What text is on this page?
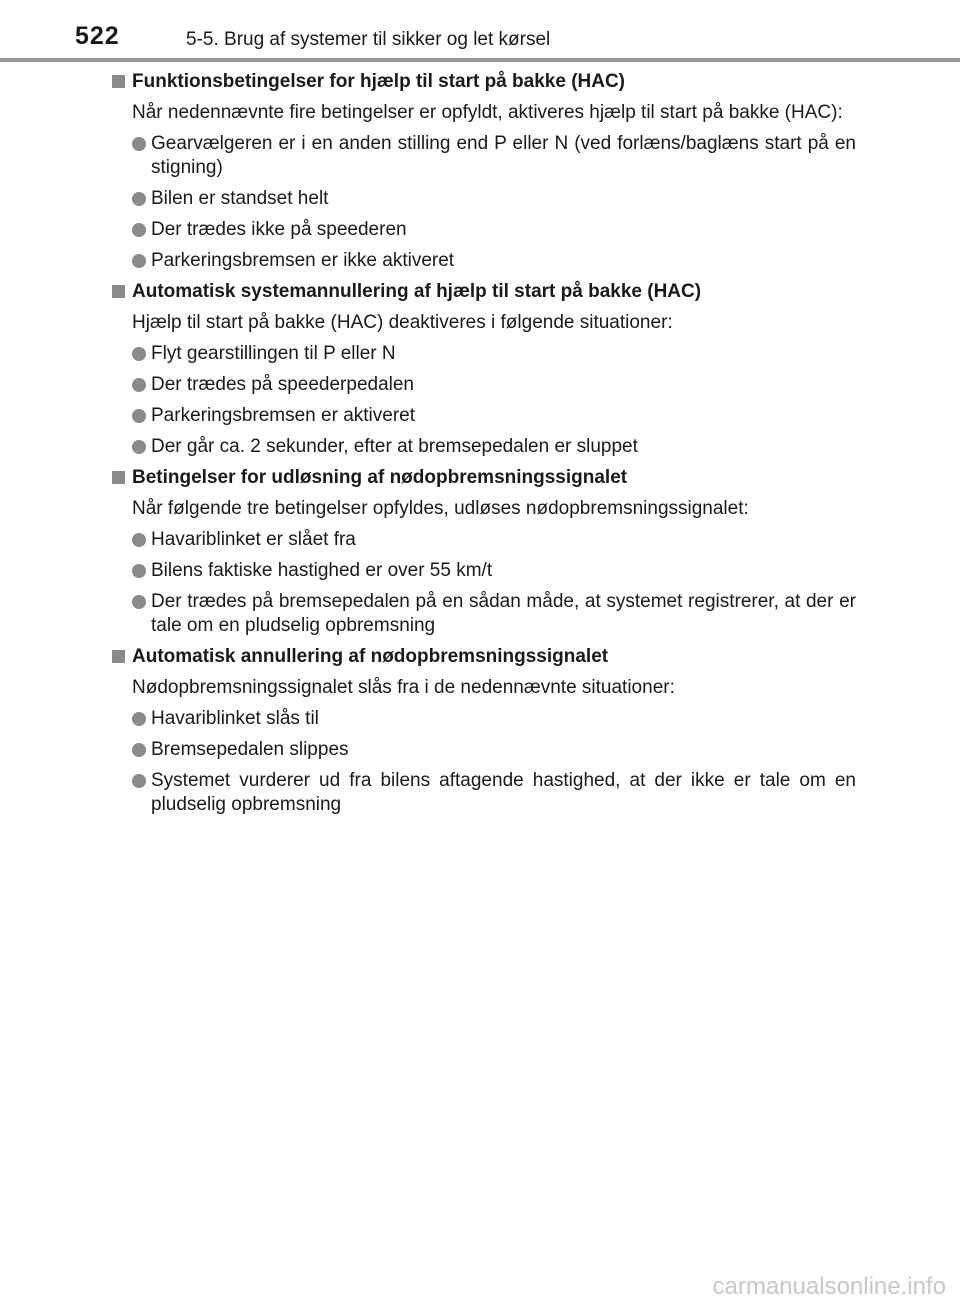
522	5-5. Brug af systemer til sikker og let kørsel
Funktionsbetingelser for hjælp til start på bakke (HAC)
Når nedennævnte fire betingelser er opfyldt, aktiveres hjælp til start på bakke (HAC):
Gearvælgeren er i en anden stilling end P eller N (ved forlæns/baglæns start på en stigning)
Bilen er standset helt
Der trædes ikke på speederen
Parkeringsbremsen er ikke aktiveret
Automatisk systemannullering af hjælp til start på bakke (HAC)
Hjælp til start på bakke (HAC) deaktiveres i følgende situationer:
Flyt gearstillingen til P eller N
Der trædes på speederpedalen
Parkeringsbremsen er aktiveret
Der går ca. 2 sekunder, efter at bremsepedalen er sluppet
Betingelser for udløsning af nødopbremsningssignalet
Når følgende tre betingelser opfyldes, udløses nødopbremsningssignalet:
Havariblinket er slået fra
Bilens faktiske hastighed er over 55 km/t
Der trædes på bremsepedalen på en sådan måde, at systemet registrerer, at der er tale om en pludselig opbremsning
Automatisk annullering af nødopbremsningssignalet
Nødopbremsningssignalet slås fra i de nedennævnte situationer:
Havariblinket slås til
Bremsepedalen slippes
Systemet vurderer ud fra bilens aftagende hastighed, at der ikke er tale om en pludselig opbremsning
carmanualsonline.info
